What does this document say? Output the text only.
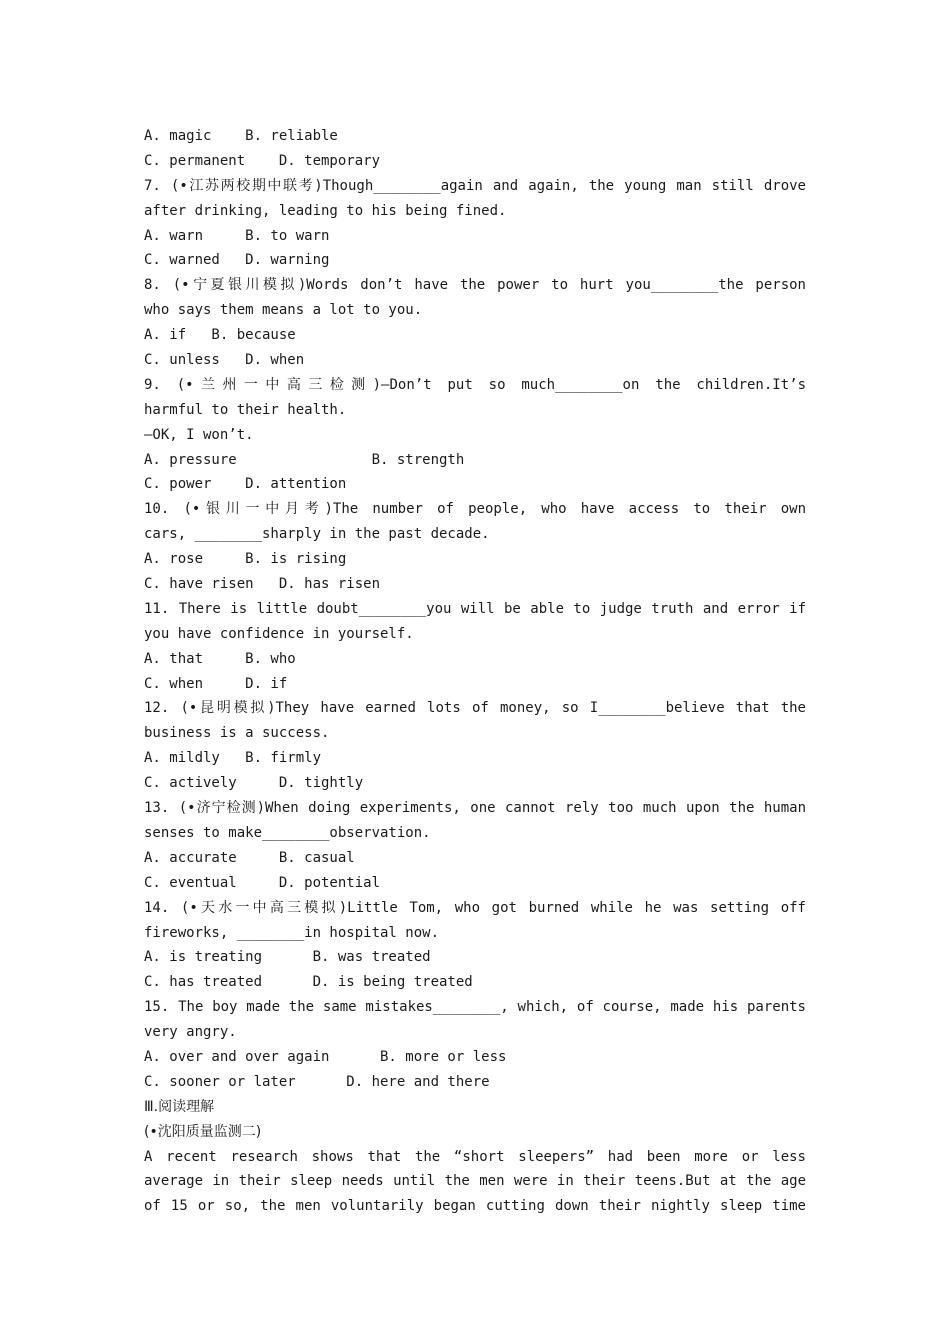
A. magic    B. reliable
C. permanent    D. temporary
7. (•江苏两校期中联考)Though________again and again, the young man still drove
after drinking, leading to his being fined.
A. warn     B. to warn
C. warned   D. warning
8. (•宁夏银川模拟)Words don’t have the power to hurt you________the person
who says them means a lot to you.
A. if   B. because
C. unless   D. when
9. (•兰州一中高三检测)—Don’t put so much________on the children.It’s
harmful to their health.
—OK, I won’t.
A. pressure                B. strength
C. power    D. attention
10. (•银川一中月考)The number of people, who have access to their own
cars, ________sharply in the past decade.
A. rose     B. is rising
C. have risen   D. has risen
11. There is little doubt________you will be able to judge truth and error if
you have confidence in yourself.
A. that     B. who
C. when     D. if
12. (•昆明模拟)They have earned lots of money, so I________believe that the
business is a success.
A. mildly   B. firmly
C. actively     D. tightly
13. (•济宁检测)When doing experiments, one cannot rely too much upon the human
senses to make________observation.
A. accurate     B. casual
C. eventual     D. potential
14. (•天水一中高三模拟)Little Tom, who got burned while he was setting off
fireworks, ________in hospital now.
A. is treating      B. was treated
C. has treated      D. is being treated
15. The boy made the same mistakes________, which, of course, made his parents
very angry.
A. over and over again      B. more or less
C. sooner or later      D. here and there
Ⅲ.阅读理解
(•沈阳质量监测二)
A recent research shows that the “short sleepers” had been more or less
average in their sleep needs until the men were in their teens.But at the age
of 15 or so, the men voluntarily began cutting down their nightly sleep time
